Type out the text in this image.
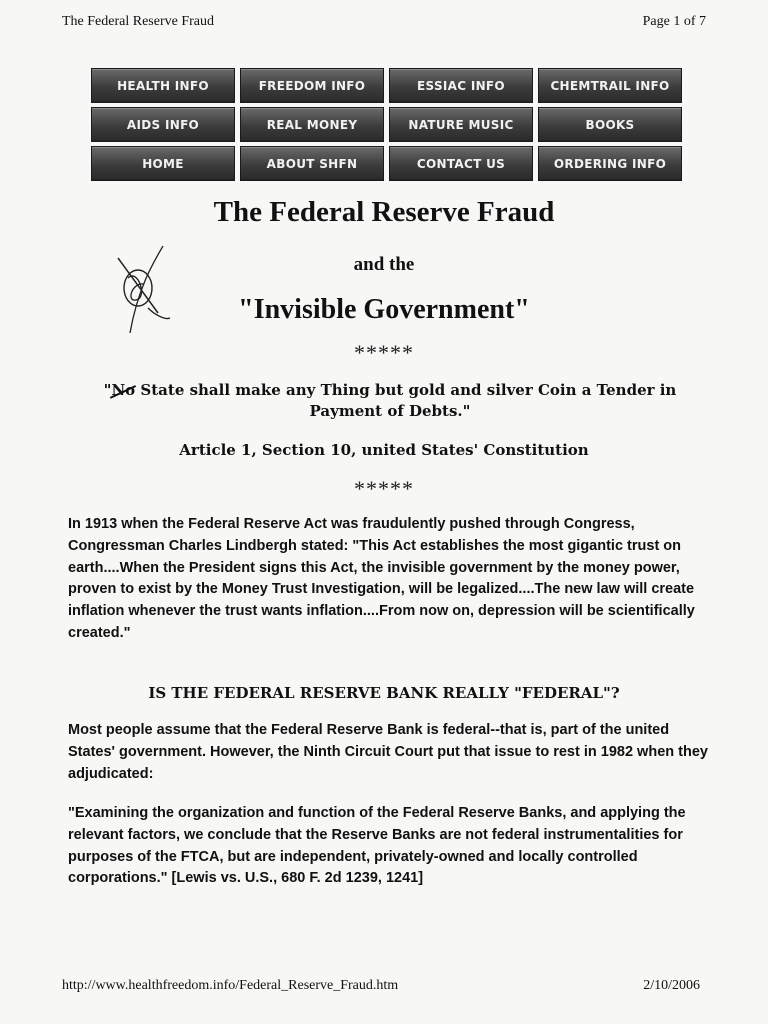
The Federal Reserve Fraud	Page 1 of 7
HEALTH INFO	FREEDOM INFO	ESSIAC INFO	CHEMTRAIL INFO
AIDS INFO	REAL MONEY	NATURE MUSIC	BOOKS
HOME	ABOUT SHFN	CONTACT US	ORDERING INFO
The Federal Reserve Fraud
and the
"Invisible Government"
*****
"No State shall make any Thing but gold and silver Coin a Tender in Payment of Debts."
Article 1, Section 10, united States' Constitution
*****
In 1913 when the Federal Reserve Act was fraudulently pushed through Congress, Congressman Charles Lindbergh stated: "This Act establishes the most gigantic trust on earth....When the President signs this Act, the invisible government by the money power, proven to exist by the Money Trust Investigation, will be legalized....The new law will create inflation whenever the trust wants inflation....From now on, depression will be scientifically created."
IS THE FEDERAL RESERVE BANK REALLY "FEDERAL"?
Most people assume that the Federal Reserve Bank is federal--that is, part of the united States' government. However, the Ninth Circuit Court put that issue to rest in 1982 when they adjudicated:
"Examining the organization and function of the Federal Reserve Banks, and applying the relevant factors, we conclude that the Reserve Banks are not federal instrumentalities for purposes of the FTCA, but are independent, privately-owned and locally controlled corporations." [Lewis vs. U.S., 680 F. 2d 1239, 1241]
http://www.healthfreedom.info/Federal_Reserve_Fraud.htm	2/10/2006
